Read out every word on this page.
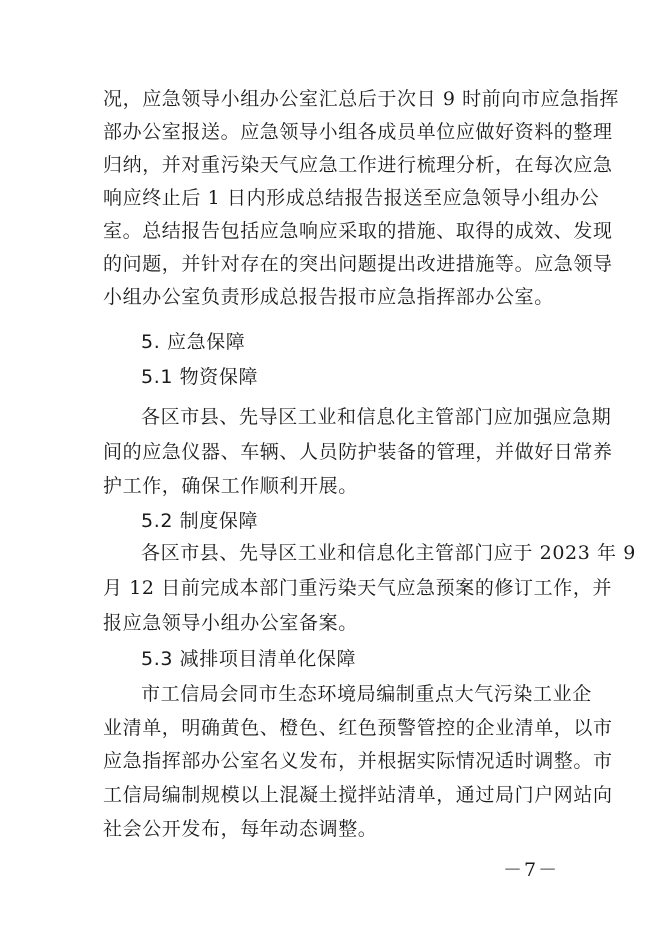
况，应急领导小组办公室汇总后于次日 9 时前向市应急指挥
部办公室报送。应急领导小组各成员单位应做好资料的整理
归纳，并对重污染天气应急工作进行梳理分析，在每次应急
响应终止后 1 日内形成总结报告报送至应急领导小组办公
室。总结报告包括应急响应采取的措施、取得的成效、发现
的问题，并针对存在的突出问题提出改进措施等。应急领导
小组办公室负责形成总报告报市应急指挥部办公室。
5. 应急保障
5.1 物资保障
各区市县、先导区工业和信息化主管部门应加强应急期
间的应急仪器、车辆、人员防护装备的管理，并做好日常养
护工作，确保工作顺利开展。
5.2 制度保障
各区市县、先导区工业和信息化主管部门应于 2023 年 9
月 12 日前完成本部门重污染天气应急预案的修订工作，并
报应急领导小组办公室备案。
5.3 减排项目清单化保障
市工信局会同市生态环境局编制重点大气污染工业企
业清单，明确黄色、橙色、红色预警管控的企业清单，以市
应急指挥部办公室名义发布，并根据实际情况适时调整。市
工信局编制规模以上混凝土搅拌站清单，通过局门户网站向
社会公开发布，每年动态调整。
－7－
